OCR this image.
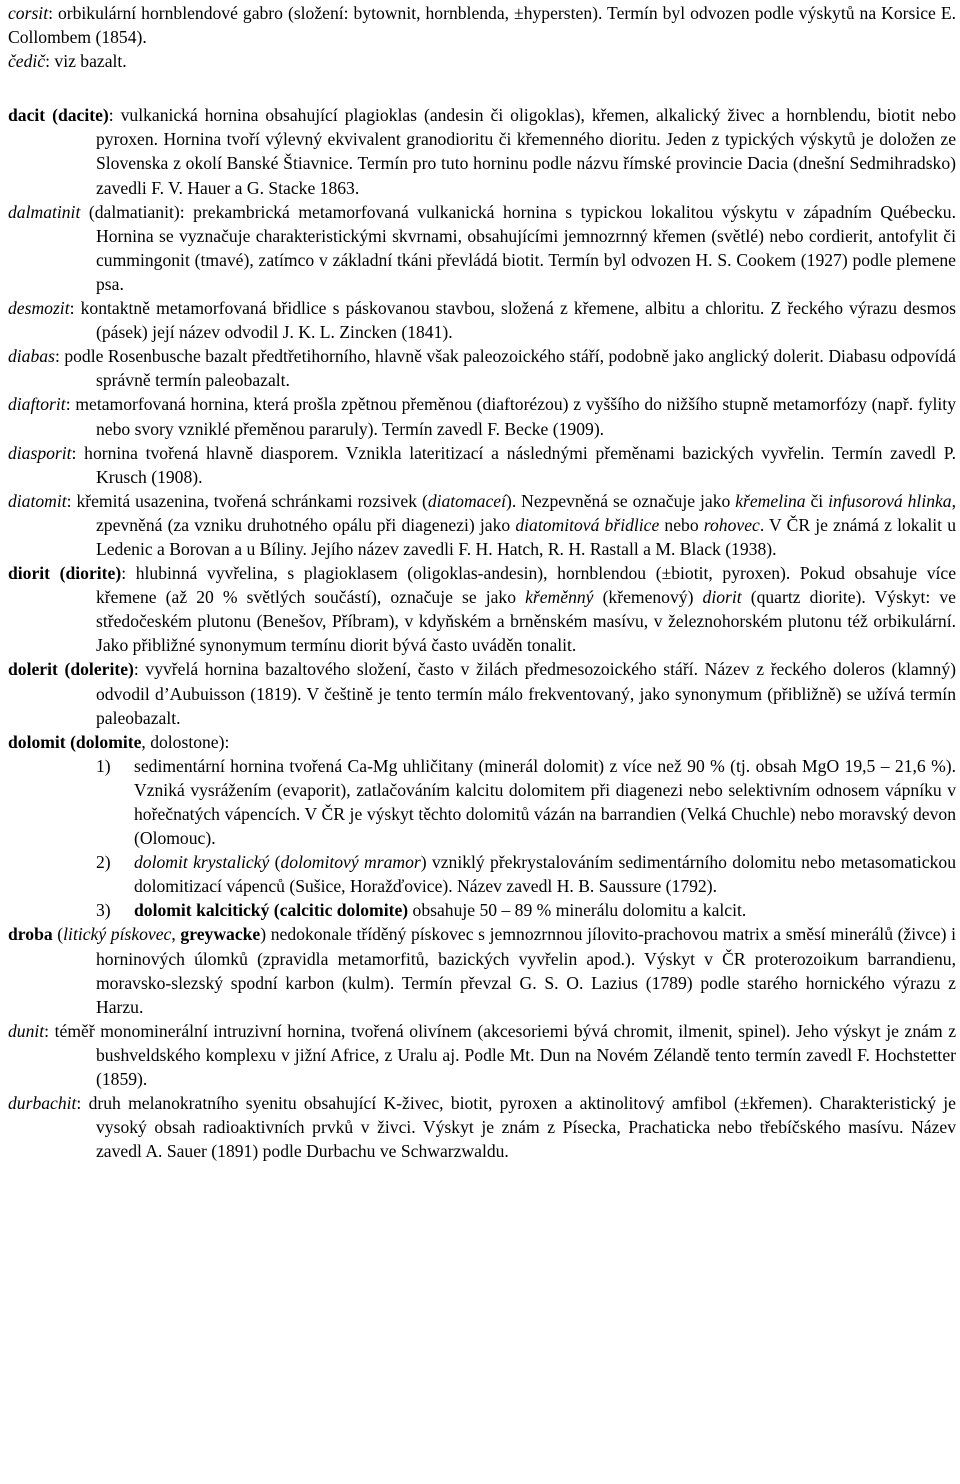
corsit: orbikulární hornblendové gabro (složení: bytownit, hornblenda, ±hypersten). Termín byl odvozen podle výskytů na Korsice E. Collombem (1854).

čedič: viz bazalt.

dacit (dacite): vulkanická hornina obsahující plagioklas (andesin či oligoklas), křemen, alkalický živec a hornblendu, biotit nebo pyroxen. Hornina tvoří výlevný ekvivalent granodioritu či křemenného dioritu. Jeden z typických výskytů je doložen ze Slovenska z okolí Banské Štiavnice. Termín pro tuto horninu podle názvu římské provincie Dacia (dnešní Sedmihradsko) zavedli F. V. Hauer a G. Stacke 1863.

dalmatinit (dalmatianit): prekambrická metamorfovaná vulkanická hornina s typickou lokalitou výskytu v západním Québecku. Hornina se vyznačuje charakteristickými skvrnami, obsahujícími jemnozrnný křemen (světlé) nebo cordierit, antofylit či cummingonit (tmavé), zatímco v základní tkáni převládá biotit. Termín byl odvozen H. S. Cookem (1927) podle plemene psa.

desmozit: kontaktně metamorfovaná břidlice s páskovanou stavbou, složená z křemene, albitu a chloritu. Z řeckého výrazu desmos (pásek) její název odvodil J. K. L. Zincken (1841).

diabas: podle Rosenbusche bazalt předtřetihorního, hlavně však paleozoického stáří, podobně jako anglický dolerit. Diabasu odpovídá správně termín paleobazalt.

diaftorit: metamorfovaná hornina, která prošla zpětnou přeměnou (diaftorézou) z vyššího do nižšího stupně metamorfózy (např. fylity nebo svory vzniklé přeměnou pararuly). Termín zavedl F. Becke (1909).

diasporit: hornina tvořená hlavně diasporem. Vznikla lateritizací a následnými přeměnami bazických vyvřelin. Termín zavedl P. Krusch (1908).

diatomit: křemitá usazenina, tvořená schránkami rozsivek (diatomaceí). Nezpevněná se označuje jako křemelina či infusorová hlinka, zpevněná (za vzniku druhotného opálu při diagenezi) jako diatomitová břidlice nebo rohovec. V ČR je známá z lokalit u Ledenic a Borovan a u Bíliny. Jejího název zavedli F. H. Hatch, R. H. Rastall a M. Black (1938).

diorit (diorite): hlubinná vyvřelina, s plagioklasem (oligoklas-andesin), hornblendou (±biotit, pyroxen). Pokud obsahuje více křemene (až 20 % světlých součástí), označuje se jako křeměnný (křemenový) diorit (quartz diorite). Výskyt: ve středočeském plutonu (Benešov, Příbram), v kdyňském a brněnském masívu, v železnohorském plutonu též orbikulární. Jako přibližné synonymum termínu diorit bývá často uváděn tonalit.

dolerit (dolerite): vyvřelá hornina bazaltového složení, často v žilách předmesozoického stáří. Název z řeckého doleros (klamný) odvodil d’Aubuisson (1819). V češtině je tento termín málo frekventovaný, jako synonymum (přibližně) se užívá termín paleobazalt.

dolomit (dolomite, dolostone):

1) sedimentární hornina tvořená Ca-Mg uhličitany (minerál dolomit) z více než 90 % (tj. obsah MgO 19,5 – 21,6 %). Vzniká vysrážením (evaporit), zatlačováním kalcitu dolomitem při diagenezi nebo selektivním odnosem vápníku v hořečnatých vápencích. V ČR je výskyt těchto dolomitů vázán na barrandien (Velká Chuchle) nebo moravský devon (Olomouc).
2) dolomit krystalický (dolomitový mramor) vzniklý překrystalováním sedimentárního dolomitu nebo metasomatickou dolomitizací vápenců (Sušice, Horažďovice). Název zavedl H. B. Saussure (1792).
3) dolomit kalcitický (calcitic dolomite) obsahuje 50 – 89 % minerálu dolomitu a kalcit.

droba (litický pískovec, greywacke) nedokonale tříděný pískovec s jemnozrnnou jílovito-prachovou matrix a směsí minerálů (živce) i horninových úlomků (zpravidla metamorfitů, bazických vyvřelin apod.). Výskyt v ČR proterozoikum barrandienu, moravsko-slezský spodní karbon (kulm). Termín převzal G. S. O. Lazius (1789) podle starého hornického výrazu z Harzu.

dunit: téměř monominerální intruzivní hornina, tvořená olivínem (akcesoriemi bývá chromit, ilmenit, spinel). Jeho výskyt je znám z bushveldského komplexu v jižní Africe, z Uralu aj. Podle Mt. Dun na Novém Zélandě tento termín zavedl F. Hochstetter (1859).

durbachit: druh melanokratního syenitu obsahující K-živec, biotit, pyroxen a aktinolitový amfibol (±křemen). Charakteristický je vysoký obsah radioaktivních prvků v živci. Výskyt je znám z Písecka, Prachaticka nebo třebíčského masívu. Název zavedl A. Sauer (1891) podle Durbachu ve Schwarzwaldu.
